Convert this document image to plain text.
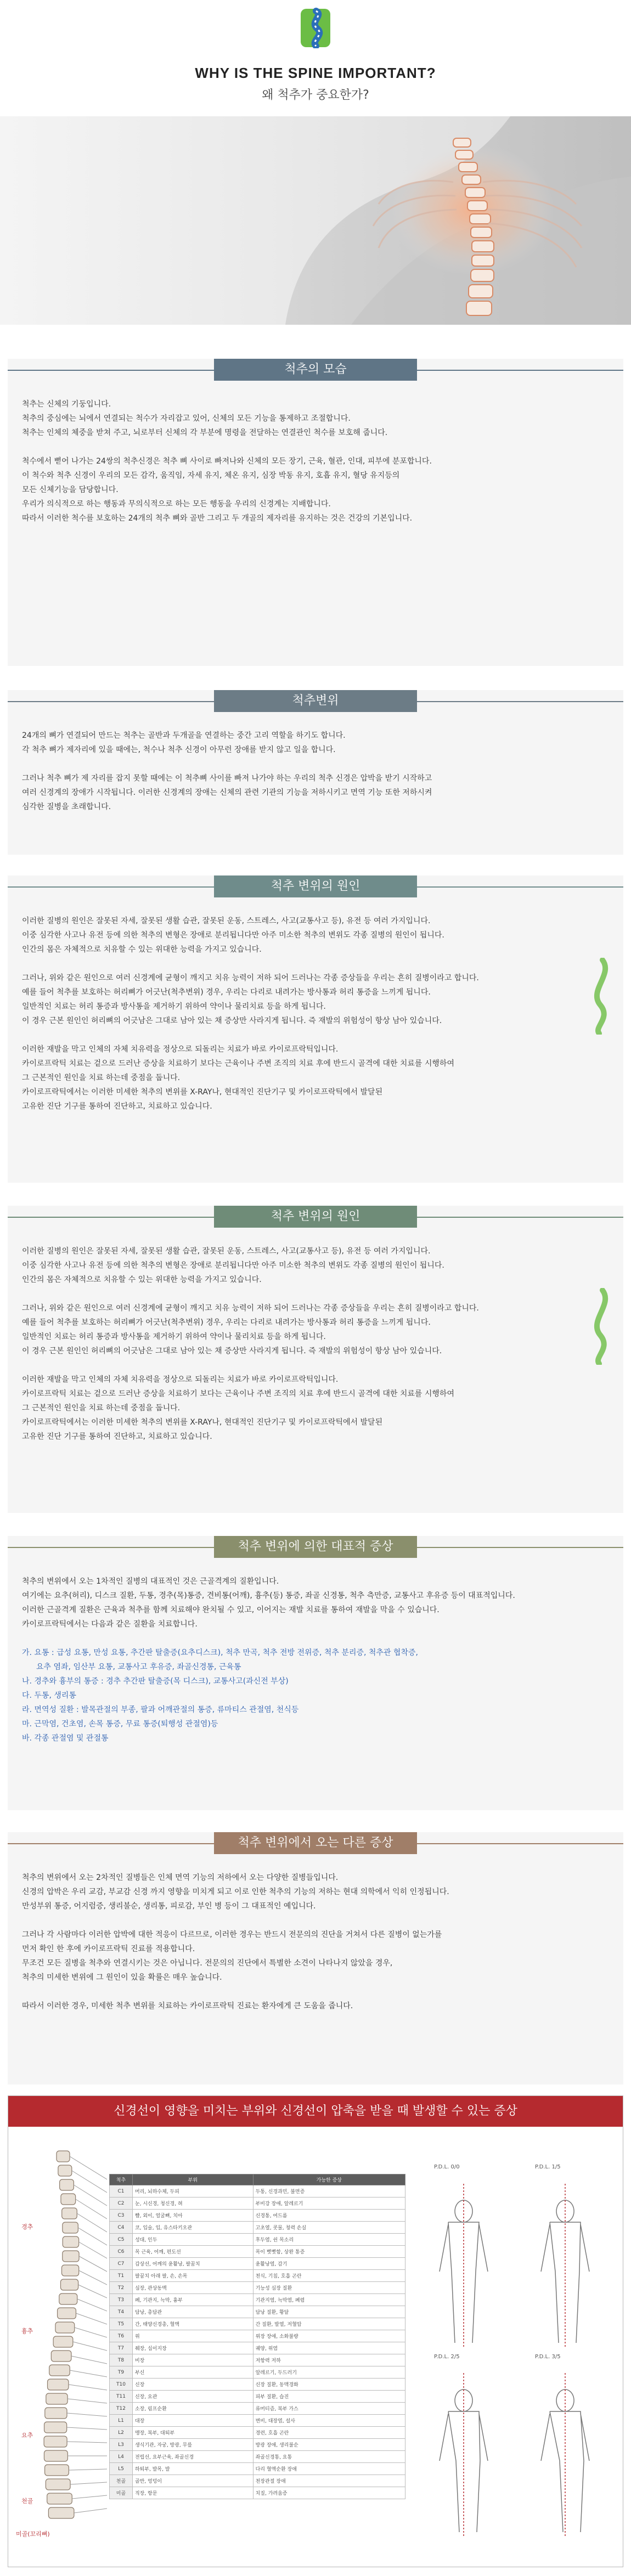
WHY IS THE SPINE IMPORTANT?
왜 척추가 중요한가?
척추의 모습

척추는 신체의 기둥입니다.

척추의 중심에는 뇌에서 연결되는 척수가 자리잡고 있어, 신체의 모든 기능을 통제하고 조절합니다.

척추는 인체의 체중을 받쳐 주고, 뇌로부터 신체의 각 부분에 명령을 전달하는 연결관인 척수를 보호해 줍니다.

척수에서 뻗어 나가는 24쌍의 척추신경은 척추 뼈 사이로 빠져나와 신체의 모든 장기, 근육, 혈관, 인대, 피부에 분포합니다.

이 척수와 척추 신경이 우리의 모든 감각, 움직임, 자세 유지, 체온 유지, 심장 박동 유지, 호흡 유지, 혈당 유지등의

모든 신체기능을 담당합니다.

우리가 의식적으로 하는 행동과 무의식적으로 하는 모든 행동을 우리의 신경계는 지배합니다.

따라서 이러한 척수를 보호하는 24개의 척추 뼈와 골반 그리고 두 개골의 제자리를 유지하는 것은 건강의 기본입니다.

척추변위

24개의 뼈가 연결되어 만드는 척추는 골반과 두개골을 연결하는 중간 고리 역할을 하기도 합니다.

각 척추 뼈가 제자리에 있을 때에는, 척수나 척추 신경이 아무런 장애를 받지 않고 일을 합니다.

그러나 척추 뼈가 제 자리를 잡지 못할 때에는 이 척추뼈 사이를 빠져 나가야 하는 우리의 척추 신경은 압박을 받기 시작하고

여러 신경계의 장애가 시작됩니다. 이러한 신경계의 장애는 신체의 관련 기관의 기능을 저하시키고 면역 기능 또한 저하시켜

심각한 질병을 초래합니다.

척추 변위의 원인

이러한 질병의 원인은 잘못된 자세, 잘못된 생활 습관, 잘못된 운동, 스트레스, 사고(교통사고 등), 유전 등 여러 가지입니다.

이중 심각한 사고나 유전 등에 의한 척추의 변형은 장애로 분리됩니다만 아주 미소한 척추의 변위도 각종 질병의 원인이 됩니다.

인간의 몸은 자체적으로 치유할 수 있는 위대한 능력을 가지고 있습니다.

그러나, 위와 같은 원인으로 여러 신경계에 균형이 깨지고 치유 능력이 저하 되어 드러나는 각종 증상들을 우리는 흔히 질병이라고 합니다.

예를 들어 척추를 보호하는 허리뼈가 어긋난(척추변위) 경우, 우리는 다리로 내려가는 방사통과 허리 통증을 느끼게 됩니다.

일반적인 치료는 허리 통증과 방사통을 제거하기 위하여 약이나 물리치료 등을 하게 됩니다.

이 경우 근본 원인인 허리뼈의 어긋남은 그대로 남아 있는 채 증상만 사라지게 됩니다. 즉 재발의 위험성이 항상 남아 있습니다.

이러한 재발을 막고 인체의 자체 치유력을 정상으로 되돌리는 치료가 바로 카이로프락틱입니다.

카이로프락틱 치료는 겉으로 드러난 증상을 치료하기 보다는 근육이나 주변 조직의 치료 후에 반드시 골격에 대한 치료를 시행하여

그 근본적인 원인을 치료 하는데 중점을 둡니다.

카이로프락틱에서는 이러한 미세한 척추의 변위를 X-RAY나, 현대적인 진단기구 및 카이로프락틱에서 발달된

고유한 진단 기구를 통하여 진단하고, 치료하고 있습니다.

척추 변위의 원인

이러한 질병의 원인은 잘못된 자세, 잘못된 생활 습관, 잘못된 운동, 스트레스, 사고(교통사고 등), 유전 등 여러 가지입니다.

이중 심각한 사고나 유전 등에 의한 척추의 변형은 장애로 분리됩니다만 아주 미소한 척추의 변위도 각종 질병의 원인이 됩니다.

인간의 몸은 자체적으로 치유할 수 있는 위대한 능력을 가지고 있습니다.

그러나, 위와 같은 원인으로 여러 신경계에 균형이 깨지고 치유 능력이 저하 되어 드러나는 각종 증상들을 우리는 흔히 질병이라고 합니다.

예를 들어 척추를 보호하는 허리뼈가 어긋난(척추변위) 경우, 우리는 다리로 내려가는 방사통과 허리 통증을 느끼게 됩니다.

일반적인 치료는 허리 통증과 방사통을 제거하기 위하여 약이나 물리치료 등을 하게 됩니다.

이 경우 근본 원인인 허리뼈의 어긋남은 그대로 남아 있는 채 증상만 사라지게 됩니다. 즉 재발의 위험성이 항상 남아 있습니다.

이러한 재발을 막고 인체의 자체 치유력을 정상으로 되돌리는 치료가 바로 카이로프락틱입니다.

카이로프락틱 치료는 겉으로 드러난 증상을 치료하기 보다는 근육이나 주변 조직의 치료 후에 반드시 골격에 대한 치료를 시행하여

그 근본적인 원인을 치료 하는데 중점을 둡니다.

카이로프락틱에서는 이러한 미세한 척추의 변위를 X-RAY나, 현대적인 진단기구 및 카이로프락틱에서 발달된

고유한 진단 기구를 통하여 진단하고, 치료하고 있습니다.

척추 변위에 의한 대표적 증상

척추의 변위에서 오는 1차적인 질병의 대표적인 것은 근골격계의 질환입니다.

여기에는 요추(허리), 디스크 질환, 두통, 경추(목)통증, 견비통(어깨), 흉추(등) 통증, 좌골 신경통, 척추 측만증, 교통사고 후유증 등이 대표적입니다.

이러한 근골격계 질환은 근육과 척추를 함께 치료해야 완치될 수 있고, 이어지는 재발 치료를 통하여 재발을 막을 수 있습니다.

카이로프락틱에서는 다음과 같은 질환을 치료합니다.

가. 요통 : 급성 요통, 만성 요통, 추간판 탈출증(요추디스크), 척추 만곡, 척추 전방 전위증, 척추 분리증, 척추관 협착증,

요추 염좌, 임산부 요통, 교통사고 후유증, 좌골신경통, 근육통

나. 경추와 흉부의 통증 : 경추 추간판 탈출증(목 디스크), 교통사고(과신전 부상)

다. 두통, 생리통

라. 면역성 질환 : 발목관절의 부종, 팔과 어깨관절의 통증, 류마티스 관절염, 천식등

마. 근막염, 건초염, 손목 통증, 무료 통증(퇴행성 관절염)등

바. 각종 관절염 및 관절통

척추 변위에서 오는 다른 증상

척추의 변위에서 오는 2차적인 질병들은 인체 면역 기능의 저하에서 오는 다양한 질병들입니다.

신경의 압박은 우리 교감, 부교감 신경 까지 영향을 미치게 되고 이로 인한 척추의 기능의 저하는 현대 의학에서 익히 인정됩니다.

만성부위 통증, 어지럼증, 생리불순, 생리통, 피로감, 부인 병 등이 그 대표적인 예입니다.

그러나 각 사람마다 이러한 압박에 대한 적응이 다르므로, 이러한 경우는 반드시 전문의의 진단을 거쳐서 다른 질병이 없는가를

먼저 확인 한 후에 카이로프락틱 진료를 적용합니다.

무조건 모든 질병을 척추와 연결시키는 것은 아닙니다. 전문의의 진단에서 특별한 소견이 나타나지 않았을 경우,

척추의 미세한 변위에 그 원인이 있을 확률은 매우 높습니다.

따라서 이러한 경우, 미세한 척추 변위를 치료하는 카이로프락틱 진료는 환자에게 큰 도움을 줍니다.

신경선이 영향을 미치는 부위와 신경선이 압축을 받을 때 발생할 수 있는 증상
경추
흉추
요추
천골
미골(꼬리뼈)
척추	부위	가능한 증상
C1	머리, 뇌하수체, 두피	두통, 신경과민, 불면증
C2	눈, 시신경, 청신경, 혀	부비강 장애, 알레르기
C3	뺨, 외이, 얼굴뼈, 치아	신경통, 여드름
C4	코, 입술, 입, 유스타키오관	고초열, 콧물, 청력 손실
C5	성대, 인두	후두염, 쉰 목소리
C6	목 근육, 어깨, 편도선	목이 뻣뻣함, 상완 통증
C7	갑상선, 어깨의 윤활낭, 팔꿈치	윤활낭염, 감기
T1	팔꿈치 아래 팔, 손, 손목	천식, 기침, 호흡 곤란
T2	심장, 관상동맥	기능성 심장 질환
T3	폐, 기관지, 늑막, 흉부	기관지염, 늑막염, 폐렴
T4	담낭, 총담관	담낭 질환, 황달
T5	간, 태양신경총, 혈액	간 질환, 발열, 저혈압
T6	위	위장 장애, 소화불량
T7	췌장, 십이지장	궤양, 위염
T8	비장	저항력 저하
T9	부신	알레르기, 두드러기
T10	신장	신장 질환, 동맥경화
T11	신장, 요관	피부 질환, 습진
T12	소장, 림프순환	류머티즘, 복부 가스
L1	대장	변비, 대장염, 설사
L2	맹장, 복부, 대퇴부	경련, 호흡 곤란
L3	생식기관, 자궁, 방광, 무릎	방광 장애, 생리불순
L4	전립선, 요부근육, 좌골신경	좌골신경통, 요통
L5	하퇴부, 발목, 발	다리 혈액순환 장애
천골	골반, 엉덩이	천장관절 장애
미골	직장, 항문	치질, 가려움증
P.D.L. 0/0	P.D.L. 1/5
P.D.L. 2/5	P.D.L. 3/5
